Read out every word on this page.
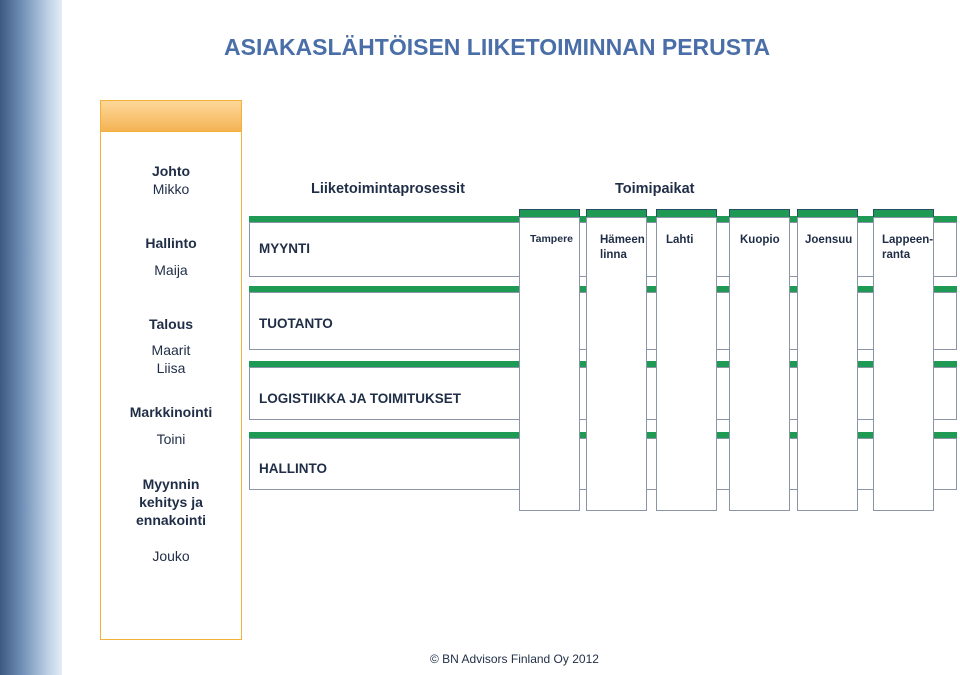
ASIAKASLÄHTÖISEN LIIKETOIMINNAN PERUSTA
Johto
Mikko
Hallinto
Maija
Talous
Maarit
Liisa
Markkinointi
Toini
Myynnin
kehitys ja
ennakointi
Jouko
Liiketoimintaprosessit	Toimipaikat
MYYNTI
TUOTANTO
LOGISTIIKKA JA TOIMITUKSET
HALLINTO
Tampere Hämeen
linna
Lahti	Kuopio Joensuu	Lappeen-
ranta
© BN Advisors Finland Oy 2012
